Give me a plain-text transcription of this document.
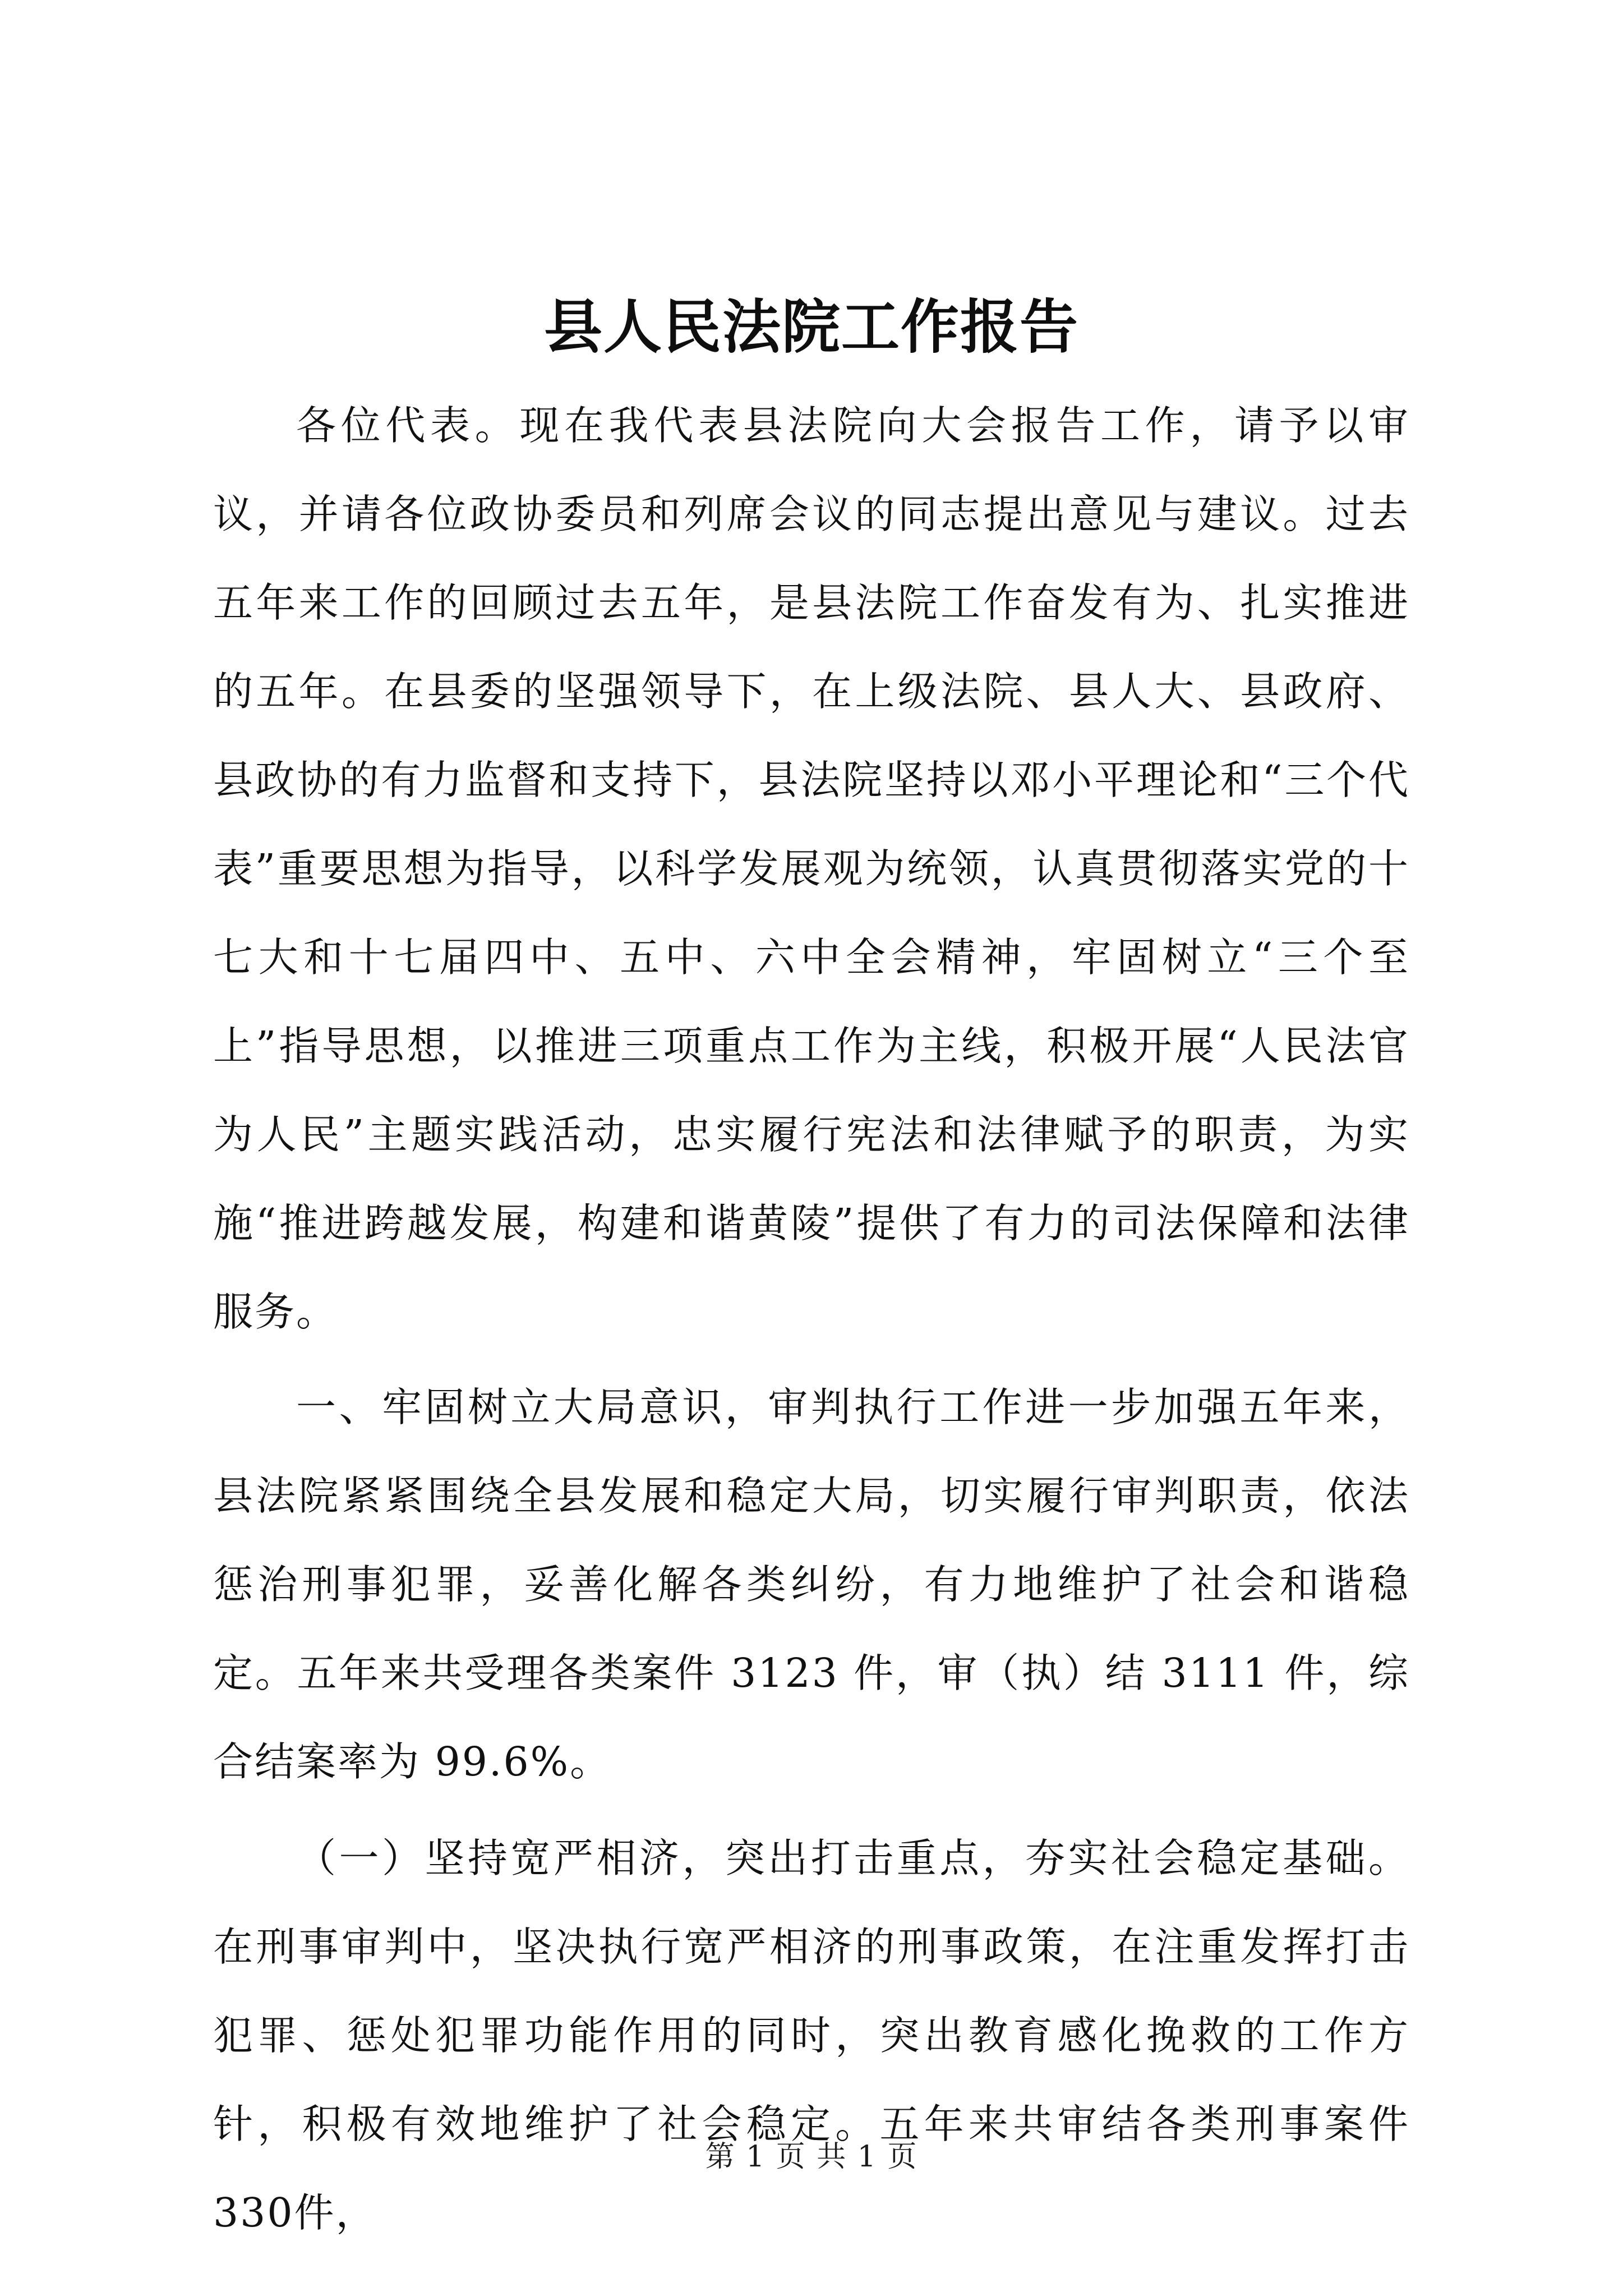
县人民法院工作报告

各位代表。现在我代表县法院向大会报告工作，请予以审议，并请各位政协委员和列席会议的同志提出意见与建议。过去五年来工作的回顾过去五年，是县法院工作奋发有为、扎实推进的五年。在县委的坚强领导下，在上级法院、县人大、县政府、县政协的有力监督和支持下，县法院坚持以邓小平理论和“三个代表”重要思想为指导，以科学发展观为统领，认真贯彻落实党的十七大和十七届四中、五中、六中全会精神，牢固树立“三个至上”指导思想，以推进三项重点工作为主线，积极开展“人民法官为人民”主题实践活动，忠实履行宪法和法律赋予的职责，为实施“推进跨越发展，构建和谐黄陵”提供了有力的司法保障和法律服务。

一、牢固树立大局意识，审判执行工作进一步加强五年来，县法院紧紧围绕全县发展和稳定大局，切实履行审判职责，依法惩治刑事犯罪，妥善化解各类纠纷，有力地维护了社会和谐稳定。五年来共受理各类案件 3123 件，审（执）结 3111 件，综合结案率为 99.6%。

（一）坚持宽严相济，突出打击重点，夯实社会稳定基础。在刑事审判中，坚决执行宽严相济的刑事政策，在注重发挥打击犯罪、惩处犯罪功能作用的同时，突出教育感化挽救的工作方针，积极有效地维护了社会稳定。五年来共审结各类刑事案件330件，

第 1 页 共 1 页
